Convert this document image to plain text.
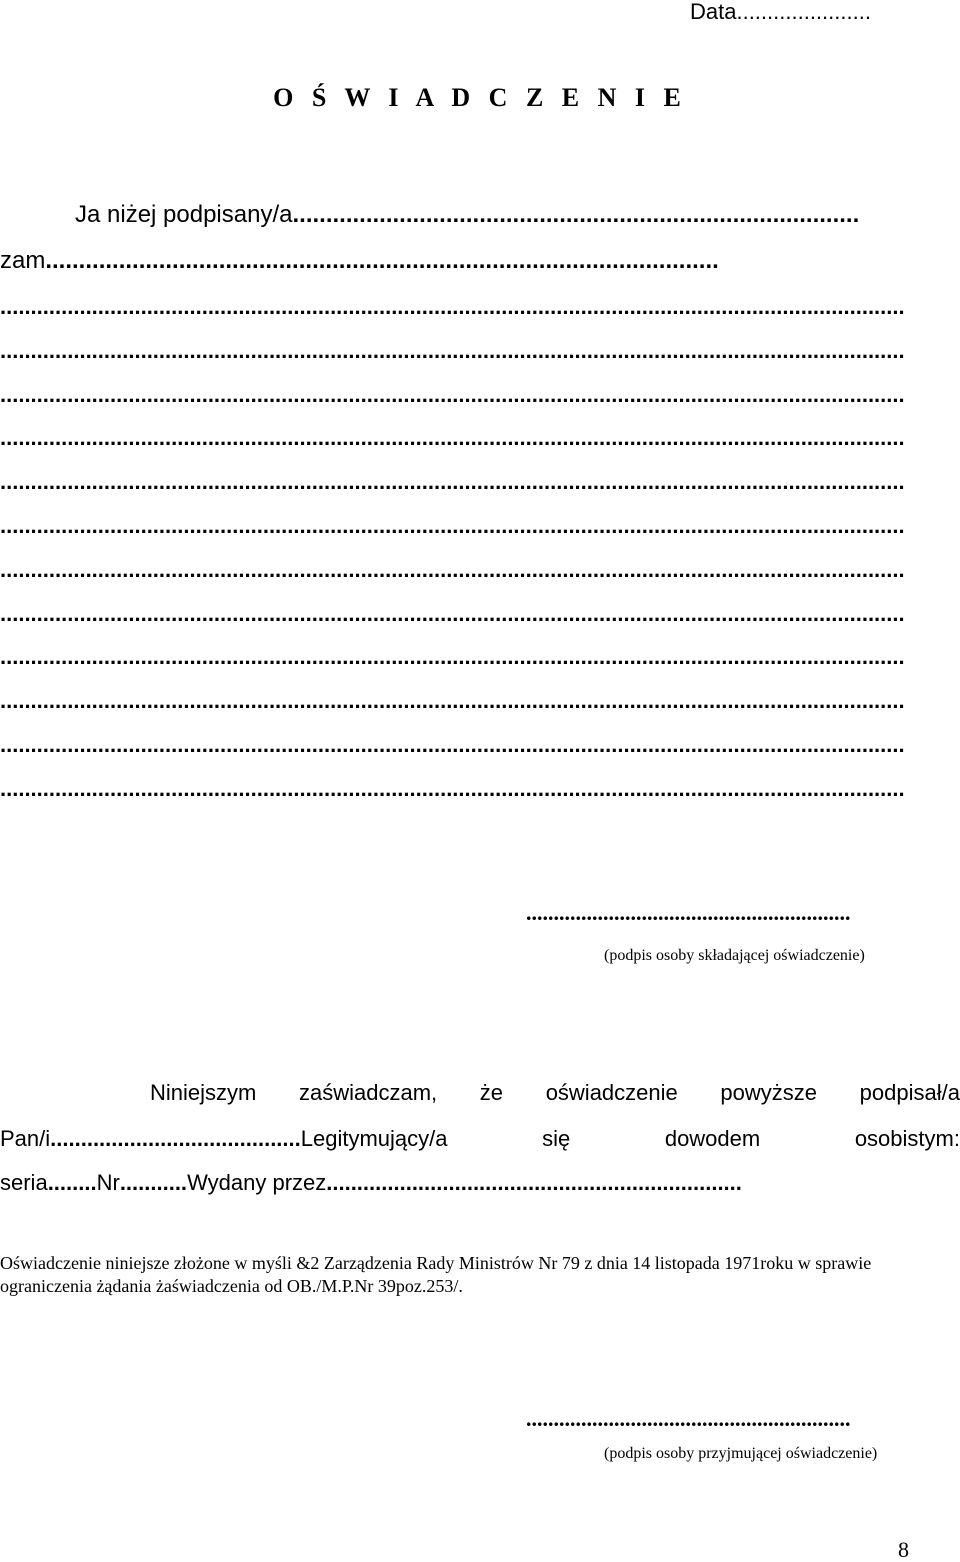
Data......................
O Ś W I A D C Z E N I E
Ja niżej podpisany/a.....................................................................................
zam.....................................................................................................
....................................................................................................................................................
....................................................................................................................................................
....................................................................................................................................................
....................................................................................................................................................
....................................................................................................................................................
....................................................................................................................................................
....................................................................................................................................................
....................................................................................................................................................
....................................................................................................................................................
....................................................................................................................................................
....................................................................................................................................................
....................................................................................................................................................
...........................................................
(podpis osoby składającej oświadczenie)
Niniejszym zaświadczam, że oświadczenie powyższe podpisał/a
Pan/i.........................................Legitymujący/a	się	dowodem	osobistym:
seria........Nr...........Wydany przez....................................................................
Oświadczenie niniejsze złożone w myśli &2 Zarządzenia Rady Ministrów Nr 79 z dnia 14 listopada 1971roku w sprawie ograniczenia żądania żaświadczenia od OB./M.P.Nr 39poz.253/.
...........................................................
(podpis osoby przyjmującej oświadczenie)
8
